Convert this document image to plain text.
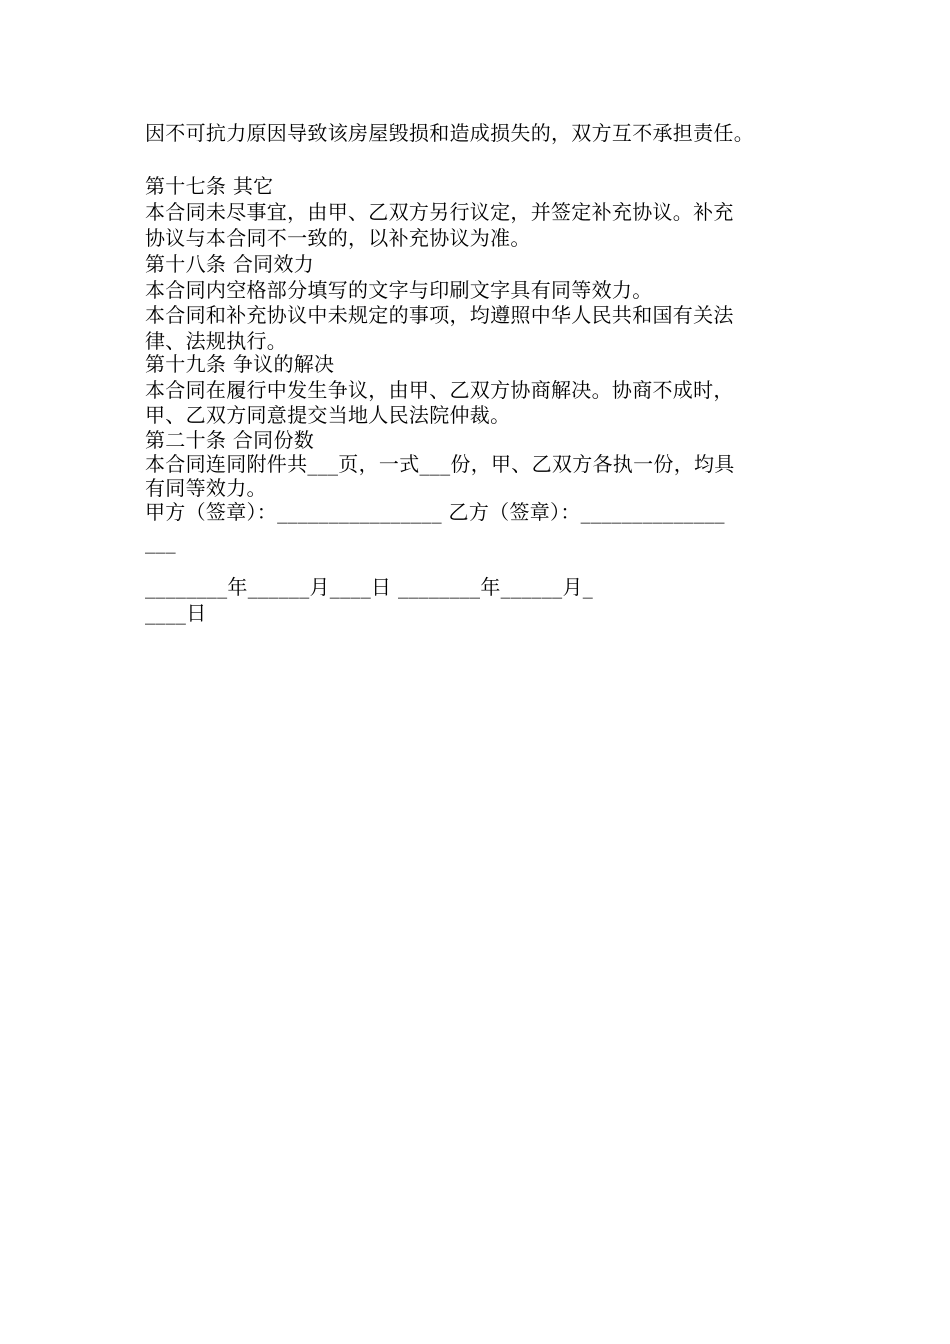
因不可抗力原因导致该房屋毁损和造成损失的，双方互不承担责任。
第十七条 其它
本合同未尽事宜，由甲、乙双方另行议定，并签定补充协议。补充
协议与本合同不一致的，以补充协议为准。
第十八条 合同效力
本合同内空格部分填写的文字与印刷文字具有同等效力。
本合同和补充协议中未规定的事项，均遵照中华人民共和国有关法
律、法规执行。
第十九条 争议的解决
本合同在履行中发生争议，由甲、乙双方协商解决。协商不成时，
甲、乙双方同意提交当地人民法院仲裁。
第二十条 合同份数
本合同连同附件共___页，一式___份，甲、乙双方各执一份，均具
有同等效力。
甲方（签章）：________________ 乙方（签章）：______________
___
________年______月____日 ________年______月_
____日
